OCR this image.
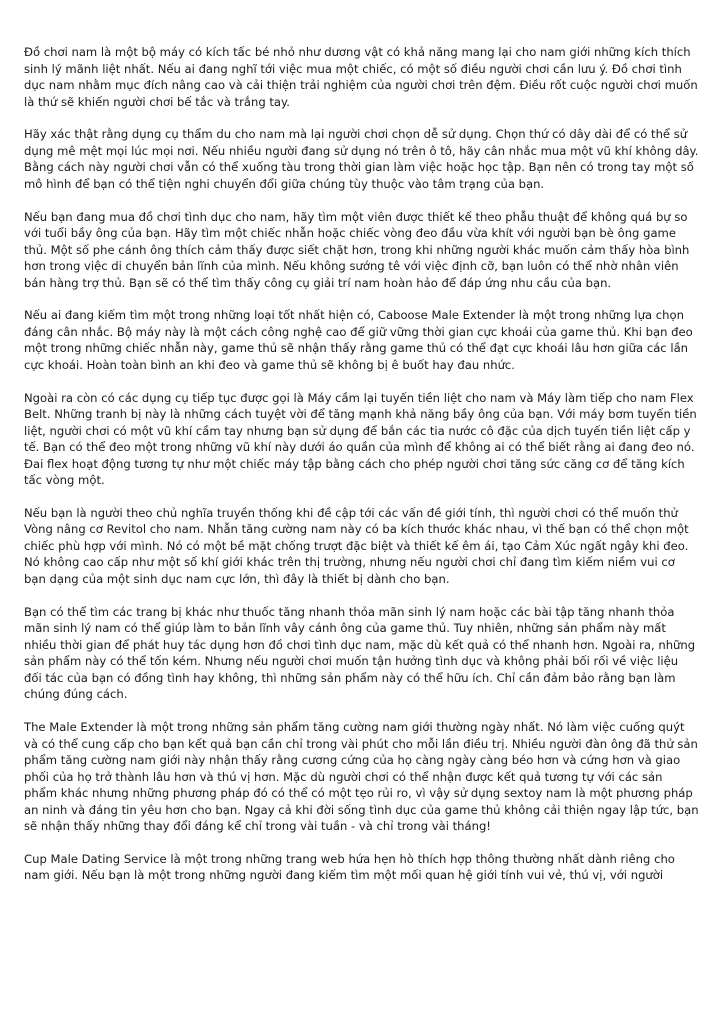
Đồ chơi nam là một bộ máy có kích tấc bé nhỏ như dương vật có khả năng mang lại cho nam giới những kích thích sinh lý mãnh liệt nhất. Nếu ai đang nghĩ tới việc mua một chiếc, có một số điều người chơi cần lưu ý. Đồ chơi tình dục nam nhằm mục đích nâng cao và cải thiện trải nghiệm của người chơi trên đệm. Điều rốt cuộc người chơi muốn là thứ sẽ khiến người chơi bế tắc và trắng tay.

Hãy xác thật rằng dụng cụ thẩm du cho nam mà lại người chơi chọn dễ sử dụng. Chọn thứ có dây dài để có thể sử dụng mê mệt mọi lúc mọi nơi. Nếu nhiều người đang sử dụng nó trên ô tô, hãy cân nhắc mua một vũ khí không dây. Bằng cách này người chơi vẫn có thể xuống tàu trong thời gian làm việc hoặc học tập. Bạn nên có trong tay một số mô hình để bạn có thể tiện nghi chuyển đổi giữa chúng tùy thuộc vào tâm trạng của bạn.

Nếu bạn đang mua đồ chơi tình dục cho nam, hãy tìm một viên được thiết kế theo phẫu thuật để không quá bự so với tuổi bầy ông của bạn. Hãy tìm một chiếc nhẫn hoặc chiếc vòng đeo đầu vừa khít với người bạn bè ông game thủ. Một số phe cánh ông thích cảm thấy được siết chặt hơn, trong khi những người khác muốn cảm thấy hòa bình hơn trong việc di chuyển bản lĩnh của mình. Nếu không sướng tê với việc định cỡ, bạn luôn có thể nhờ nhân viên bán hàng trợ thủ. Bạn sẽ có thể tìm thấy công cụ giải trí nam hoàn hảo để đáp ứng nhu cầu của bạn.

Nếu ai đang kiếm tìm một trong những loại tốt nhất hiện có, Caboose Male Extender là một trong những lựa chọn đáng cân nhắc. Bộ máy này là một cách công nghệ cao để giữ vững thời gian cực khoái của game thủ. Khi bạn đeo một trong những chiếc nhẫn này, game thủ sẽ nhận thấy rằng game thủ có thể đạt cực khoái lâu hơn giữa các lần cực khoái. Hoàn toàn bình an khi đeo và game thủ sẽ không bị ê buốt hay đau nhức.

Ngoài ra còn có các dụng cụ tiếp tục được gọi là Máy cầm lại tuyến tiền liệt cho nam và Máy làm tiếp cho nam Flex Belt. Những tranh bị này là những cách tuyệt vời để tăng mạnh khả năng bầy ông của bạn. Với máy bơm tuyến tiền liệt, người chơi có một vũ khí cầm tay nhưng bạn sử dụng để bắn các tia nước cô đặc của dịch tuyến tiền liệt cấp y tế. Bạn có thể đeo một trong những vũ khí này dưới áo quần của mình để không ai có thể biết rằng ai đang đeo nó. Đai flex hoạt động tương tự như một chiếc máy tập bằng cách cho phép người chơi tăng sức căng cơ để tăng kích tấc vòng một.

Nếu bạn là người theo chủ nghĩa truyền thống khi đề cập tới các vấn đề giới tính, thì người chơi có thể muốn thử Vòng nâng cơ Revitol cho nam. Nhẫn tăng cường nam này có ba kích thước khác nhau, vì thế bạn có thể chọn một chiếc phù hợp với mình. Nó có một bề mặt chống trượt đặc biệt và thiết kế êm ái, tạo Cảm Xúc ngất ngây khi đeo. Nó không cao cấp như một số khí giới khác trên thị trường, nhưng nếu người chơi chỉ đang tìm kiếm niềm vui cơ bạn dạng của một sinh dục nam cực lớn, thì đây là thiết bị dành cho bạn.

Bạn có thể tìm các trang bị khác như thuốc tăng nhanh thỏa mãn sinh lý nam hoặc các bài tập tăng nhanh thỏa mãn sinh lý nam có thể giúp làm to bản lĩnh vây cánh ông của game thủ. Tuy nhiên, những sản phẩm này mất nhiều thời gian để phát huy tác dụng hơn đồ chơi tình dục nam, mặc dù kết quả có thể nhanh hơn. Ngoài ra, những sản phẩm này có thể tốn kém. Nhưng nếu người chơi muốn tận hưởng tình dục và không phải bối rối về việc liệu đối tác của bạn có đồng tình hay không, thì những sản phẩm này có thể hữu ích. Chỉ cần đảm bảo rằng bạn làm chúng đúng cách.

The Male Extender là một trong những sản phẩm tăng cường nam giới thường ngày nhất. Nó làm việc cuống quýt và có thể cung cấp cho bạn kết quả bạn cần chỉ trong vài phút cho mỗi lần điều trị. Nhiều người đàn ông đã thử sản phẩm tăng cường nam giới này nhận thấy rằng cương cứng của họ càng ngày càng béo hơn và cứng hơn và giao phối của họ trở thành lâu hơn và thú vị hơn. Mặc dù người chơi có thể nhận được kết quả tương tự với các sản phẩm khác nhưng những phương pháp đó có thể có một tẹo rủi ro, vì vậy sử dụng sextoy nam là một phương pháp an ninh và đáng tin yêu hơn cho bạn. Ngay cả khi đời sống tình dục của game thủ không cải thiện ngay lập tức, bạn sẽ nhận thấy những thay đổi đáng kể chỉ trong vài tuần - và chỉ trong vài tháng!

Cup Male Dating Service là một trong những trang web hứa hẹn hò thích hợp thông thường nhất dành riêng cho nam giới. Nếu bạn là một trong những người đang kiếm tìm một mối quan hệ giới tính vui vẻ, thú vị, với người
